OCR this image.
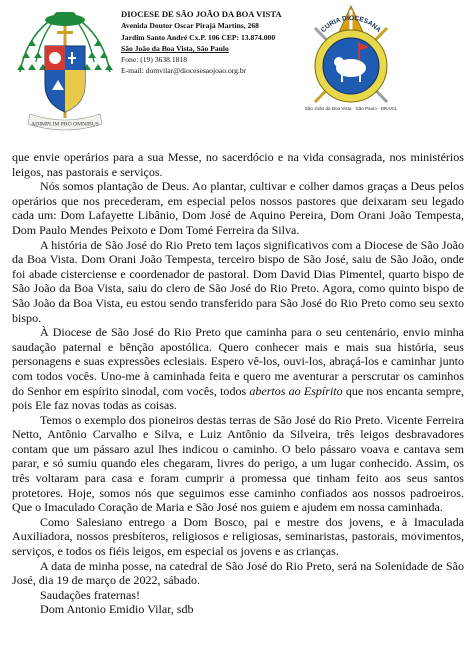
ADIMPLIM PRO OMNIBUS
DIOCESE DE SÃO JOÃO DA BOA VISTA
Avenida Doutor Oscar Pirajá Martins, 268
Jardim Santo André Cx.P. 106 CEP: 13.874.000
São João da Boa Vista, São Paulo
Fone: (19) 3638.1818
E-mail: domvilar@diocesesaojoao.org.br
CURIA DIOCESANA
São João da Boa Vista · São Paulo - BRASIL

que envie operários para a sua Messe, no sacerdócio e na vida consagrada, nos ministérios leigos, nas pastorais e serviços.

Nós somos plantação de Deus. Ao plantar, cultivar e colher damos graças a Deus pelos operários que nos precederam, em especial pelos nossos pastores que deixaram seu legado cada um: Dom Lafayette Libânio, Dom José de Aquino Pereira, Dom Orani João Tempesta, Dom Paulo Mendes Peixoto e Dom Tomé Ferreira da Silva.

A história de São José do Rio Preto tem laços significativos com a Diocese de São João da Boa Vista. Dom Orani João Tempesta, terceiro bispo de São José, saiu de São João, onde foi abade cisterciense e coordenador de pastoral. Dom David Dias Pimentel, quarto bispo de São João da Boa Vista, saiu do clero de São José do Rio Preto. Agora, como quinto bispo de São João da Boa Vista, eu estou sendo transferido para São José do Rio Preto como seu sexto bispo.

À Diocese de São José do Rio Preto que caminha para o seu centenário, envio minha saudação paternal e bênção apostólica. Quero conhecer mais e mais sua história, seus personagens e suas expressões eclesiais. Espero vê-los, ouvi-los, abraçá-los e caminhar junto com todos vocês. Uno-me à caminhada feita e quero me aventurar a perscrutar os caminhos do Senhor em espírito sinodal, com vocês, todos abertos ao Espírito que nos encanta sempre, pois Ele faz novas todas as coisas.

Temos o exemplo dos pioneiros destas terras de São José do Rio Preto. Vicente Ferreira Netto, Antônio Carvalho e Silva, e Luiz Antônio da Silveira, três leigos desbravadores contam que um pássaro azul lhes indicou o caminho. O belo pássaro voava e cantava sem parar, e só sumiu quando eles chegaram, livres do perigo, a um lugar conhecido. Assim, os três voltaram para casa e foram cumprir a promessa que tinham feito aos seus santos protetores. Hoje, somos nós que seguimos esse caminho confiados aos nossos padroeiros. Que o Imaculado Coração de Maria e São José nos guiem e ajudem em nossa caminhada.

Como Salesiano entrego a Dom Bosco, pai e mestre dos jovens, e à Imaculada Auxiliadora, nossos presbíteros, religiosos e religiosas, seminaristas, pastorais, movimentos, serviços, e todos os fiéis leigos, em especial os jovens e as crianças.

A data de minha posse, na catedral de São José do Rio Preto, será na Solenidade de São José, dia 19 de março de 2022, sábado.

Saudações fraternas!

Dom Antonio Emidio Vilar, sdb
